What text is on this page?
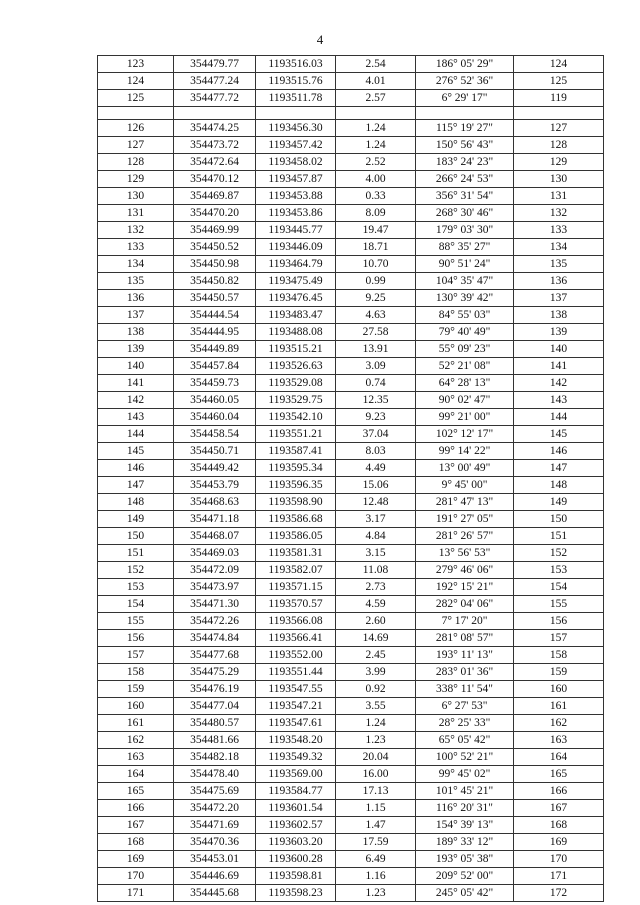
4
123	354479.77	1193516.03	2.54	186° 05' 29"	124
124	354477.24	1193515.76	4.01	276° 52' 36"	125
125	354477.72	1193511.78	2.57	6° 29' 17"	119

126	354474.25	1193456.30	1.24	115° 19' 27"	127
127	354473.72	1193457.42	1.24	150° 56' 43"	128
128	354472.64	1193458.02	2.52	183° 24' 23"	129
129	354470.12	1193457.87	4.00	266° 24' 53"	130
130	354469.87	1193453.88	0.33	356° 31' 54"	131
131	354470.20	1193453.86	8.09	268° 30' 46"	132
132	354469.99	1193445.77	19.47	179° 03' 30"	133
133	354450.52	1193446.09	18.71	88° 35' 27"	134
134	354450.98	1193464.79	10.70	90° 51' 24"	135
135	354450.82	1193475.49	0.99	104° 35' 47"	136
136	354450.57	1193476.45	9.25	130° 39' 42"	137
137	354444.54	1193483.47	4.63	84° 55' 03"	138
138	354444.95	1193488.08	27.58	79° 40' 49"	139
139	354449.89	1193515.21	13.91	55° 09' 23"	140
140	354457.84	1193526.63	3.09	52° 21' 08"	141
141	354459.73	1193529.08	0.74	64° 28' 13"	142
142	354460.05	1193529.75	12.35	90° 02' 47"	143
143	354460.04	1193542.10	9.23	99° 21' 00"	144
144	354458.54	1193551.21	37.04	102° 12' 17"	145
145	354450.71	1193587.41	8.03	99° 14' 22"	146
146	354449.42	1193595.34	4.49	13° 00' 49"	147
147	354453.79	1193596.35	15.06	9° 45' 00"	148
148	354468.63	1193598.90	12.48	281° 47' 13"	149
149	354471.18	1193586.68	3.17	191° 27' 05"	150
150	354468.07	1193586.05	4.84	281° 26' 57"	151
151	354469.03	1193581.31	3.15	13° 56' 53"	152
152	354472.09	1193582.07	11.08	279° 46' 06"	153
153	354473.97	1193571.15	2.73	192° 15' 21"	154
154	354471.30	1193570.57	4.59	282° 04' 06"	155
155	354472.26	1193566.08	2.60	7° 17' 20"	156
156	354474.84	1193566.41	14.69	281° 08' 57"	157
157	354477.68	1193552.00	2.45	193° 11' 13"	158
158	354475.29	1193551.44	3.99	283° 01' 36"	159
159	354476.19	1193547.55	0.92	338° 11' 54"	160
160	354477.04	1193547.21	3.55	6° 27' 53"	161
161	354480.57	1193547.61	1.24	28° 25' 33"	162
162	354481.66	1193548.20	1.23	65° 05' 42"	163
163	354482.18	1193549.32	20.04	100° 52' 21"	164
164	354478.40	1193569.00	16.00	99° 45' 02"	165
165	354475.69	1193584.77	17.13	101° 45' 21"	166
166	354472.20	1193601.54	1.15	116° 20' 31"	167
167	354471.69	1193602.57	1.47	154° 39' 13"	168
168	354470.36	1193603.20	17.59	189° 33' 12"	169
169	354453.01	1193600.28	6.49	193° 05' 38"	170
170	354446.69	1193598.81	1.16	209° 52' 00"	171
171	354445.68	1193598.23	1.23	245° 05' 42"	172
